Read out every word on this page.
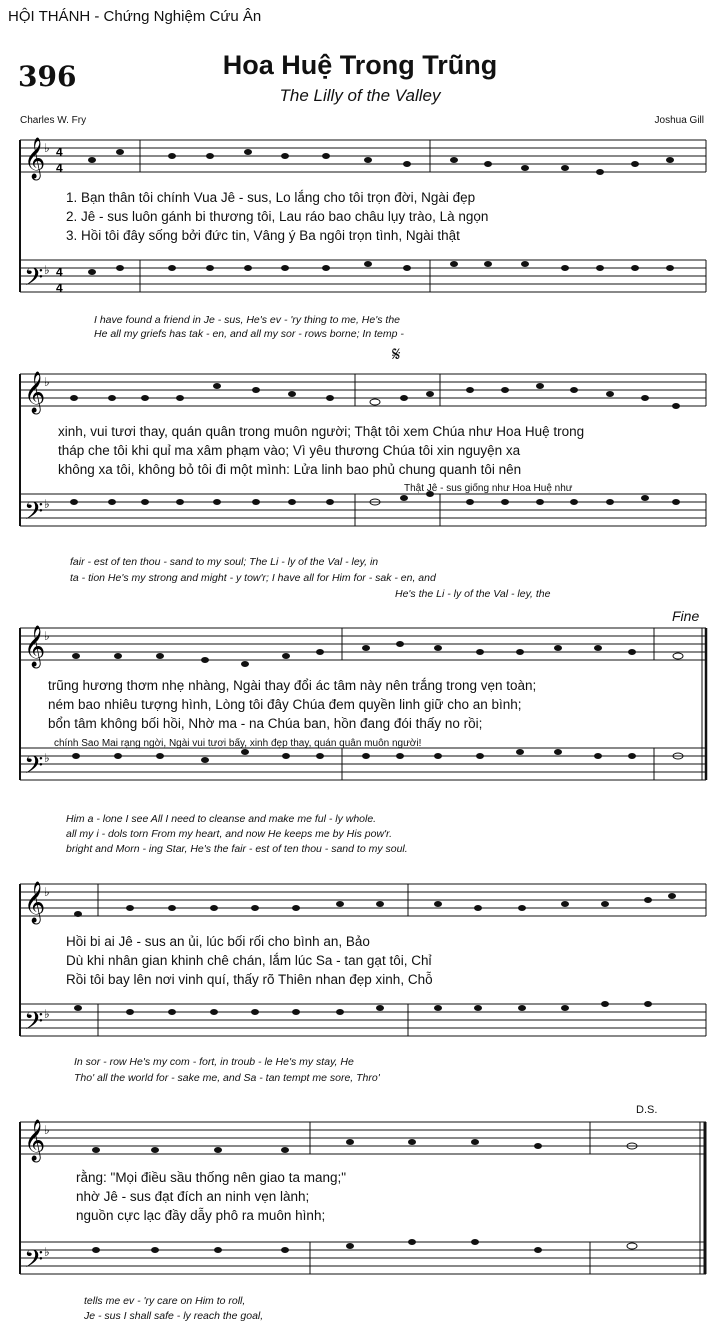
HỘI THÁNH - Chứng Nghiệm Cứu Ân
396	Hoa Huệ Trong Trũng
The Lilly of the Valley
Charles W. Fry	Joshua Gill
𝄞
𝄢
♭
♭
4
4
4
4
1. Bạn thân tôi chính Vua Jê - sus, Lo lắng cho tôi trọn đời, Ngài đẹp
2. Jê - sus luôn gánh bi thương tôi, Lau ráo bao châu lụy trào, Là ngọn
3. Hồi tôi đây sống bởi đức tin, Vâng ý Ba ngôi trọn tình, Ngài thật
I have found a friend in Je - sus, He's ev - 'ry thing to me, He's the
He all my griefs has tak - en, and all my sor - rows borne; In temp -
𝄋
𝄞
𝄢
♭
♭
xinh, vui tươi thay, quán quân trong muôn người; Thật tôi xem Chúa như Hoa Huệ trong
tháp che tôi khi quỉ ma xâm phạm vào; Vì yêu thương Chúa tôi xin nguyện xa
không xa tôi, không bỏ tôi đi một mình: Lửa linh bao phủ chung quanh tôi nên
Thật Jê - sus giống như Hoa Huệ như
fair - est of ten thou - sand to my soul; The Li - ly of the Val - ley, in
ta - tion He's my strong and might - y tow'r; I have all for Him for - sak - en, and
He's the Li - ly of the Val - ley, the
Fine
𝄞
𝄢
♭
♭
trũng hương thơm nhẹ nhàng, Ngài thay đổi ác tâm này nên trắng trong vẹn toàn;
ném bao nhiêu tượng hình, Lòng tôi đây Chúa đem quyền linh giữ cho an bình;
bổn tâm không bối hồi, Nhờ ma - na Chúa ban, hồn đang đói thấy no rồi;
chính Sao Mai rạng ngời, Ngài vui tươi bấy, xinh đẹp thay, quán quân muôn người!
Him a - lone I see All I need to cleanse and make me ful - ly whole.
all my i - dols torn From my heart, and now He keeps me by His pow'r.
bright and Morn - ing Star, He's the fair - est of ten thou - sand to my soul.
𝄞
𝄢
♭
♭
Hồi bi ai Jê - sus an ủi, lúc bối rối cho bình an, Bảo
Dù khi nhân gian khinh chê chán, lắm lúc Sa - tan gạt tôi, Chỉ
Rồi tôi bay lên nơi vinh quí, thấy rõ Thiên nhan đẹp xinh, Chỗ
In sor - row He's my com - fort, in troub - le He's my stay, He
Tho' all the world for - sake me, and Sa - tan tempt me sore, Thro'
D.S.
𝄞
𝄢
♭
♭
rằng: "Mọi điều sầu thống nên giao ta mang;"
nhờ Jê - sus đạt đích an ninh vẹn lành;
nguồn cực lạc đầy dẫy phô ra muôn hình;
tells me ev - 'ry care on Him to roll,
Je - sus I shall safe - ly reach the goal,
